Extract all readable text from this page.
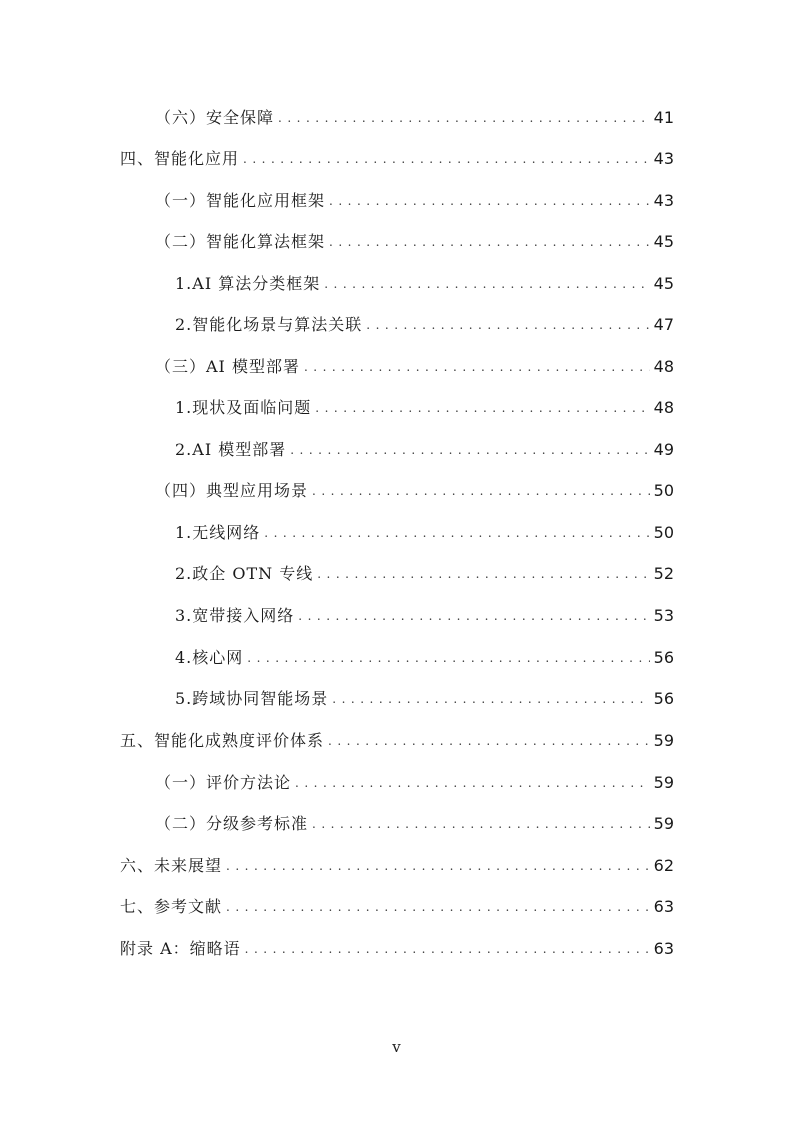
（六）安全保障 .....	41
四、智能化应用 .....	43
（一）智能化应用框架 .....	43
（二）智能化算法框架 .....	45
1.AI 算法分类框架 .....	45
2.智能化场景与算法关联 .....	47
（三）AI 模型部署 .....	48
1.现状及面临问题 .....	48
2.AI 模型部署 .....	49
（四）典型应用场景 .....	50
1.无线网络 .....	50
2.政企 OTN 专线 .....	52
3.宽带接入网络 .....	53
4.核心网 .....	56
5.跨域协同智能场景 .....	56
五、智能化成熟度评价体系 .....	59
（一）评价方法论 .....	59
（二）分级参考标准 .....	59
六、未来展望 .....	62
七、参考文献 .....	63
附录 A：缩略语 .....	63
v
